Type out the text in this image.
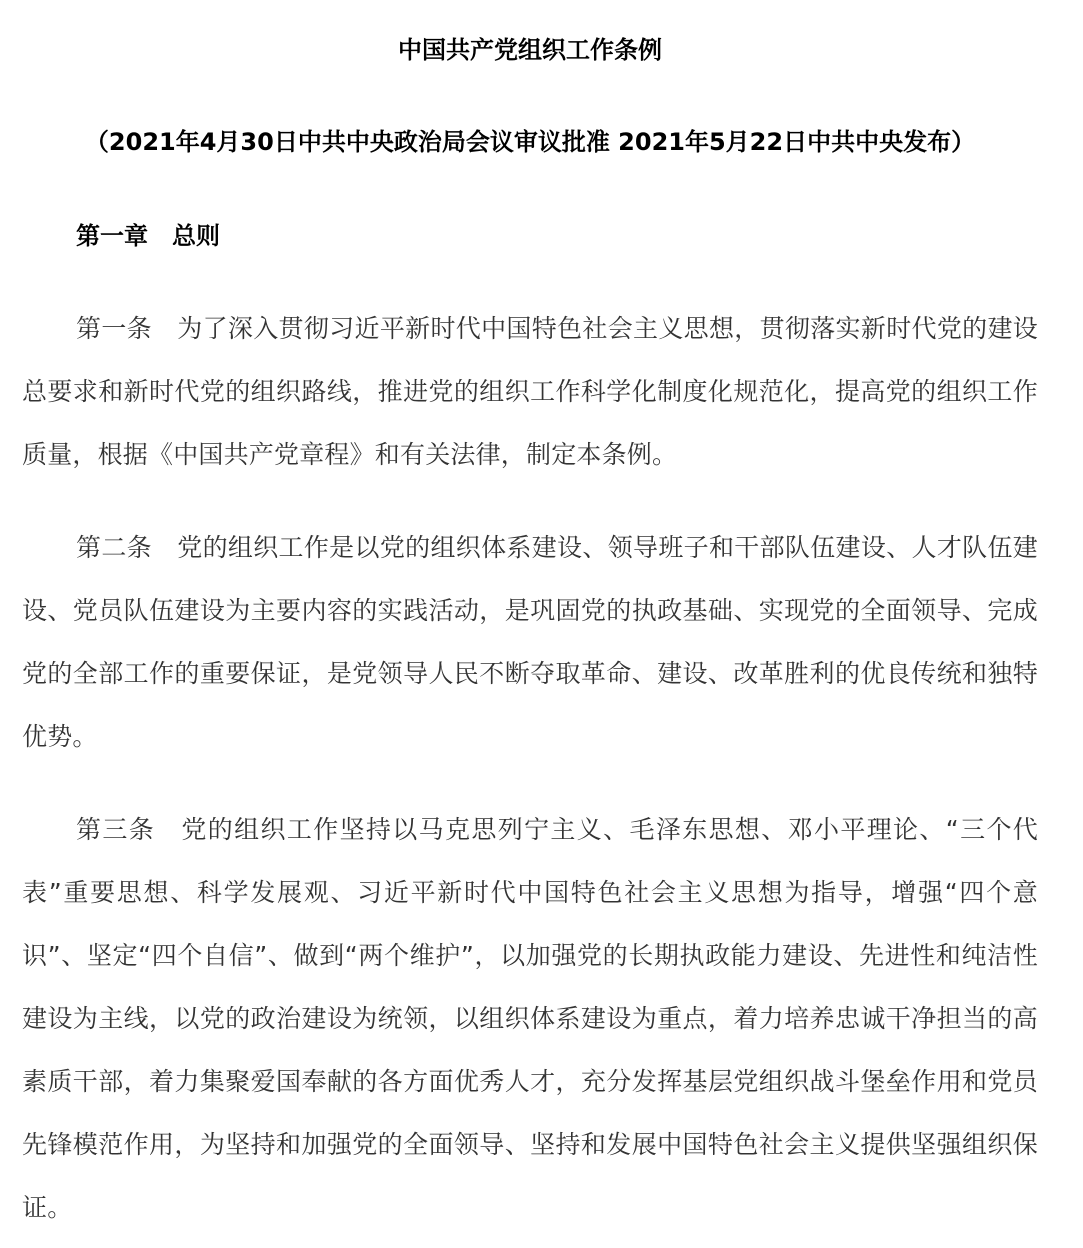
中国共产党组织工作条例

（2021年4月30日中共中央政治局会议审议批准 2021年5月22日中共中央发布）

第一章　总则

第一条　为了深入贯彻习近平新时代中国特色社会主义思想，贯彻落实新时代党的建设总要求和新时代党的组织路线，推进党的组织工作科学化制度化规范化，提高党的组织工作质量，根据《中国共产党章程》和有关法律，制定本条例。

第二条　党的组织工作是以党的组织体系建设、领导班子和干部队伍建设、人才队伍建设、党员队伍建设为主要内容的实践活动，是巩固党的执政基础、实现党的全面领导、完成党的全部工作的重要保证，是党领导人民不断夺取革命、建设、改革胜利的优良传统和独特优势。

第三条　党的组织工作坚持以马克思列宁主义、毛泽东思想、邓小平理论、“三个代表”重要思想、科学发展观、习近平新时代中国特色社会主义思想为指导，增强“四个意识”、坚定“四个自信”、做到“两个维护”，以加强党的长期执政能力建设、先进性和纯洁性建设为主线，以党的政治建设为统领，以组织体系建设为重点，着力培养忠诚干净担当的高素质干部，着力集聚爱国奉献的各方面优秀人才，充分发挥基层党组织战斗堡垒作用和党员先锋模范作用，为坚持和加强党的全面领导、坚持和发展中国特色社会主义提供坚强组织保证。
